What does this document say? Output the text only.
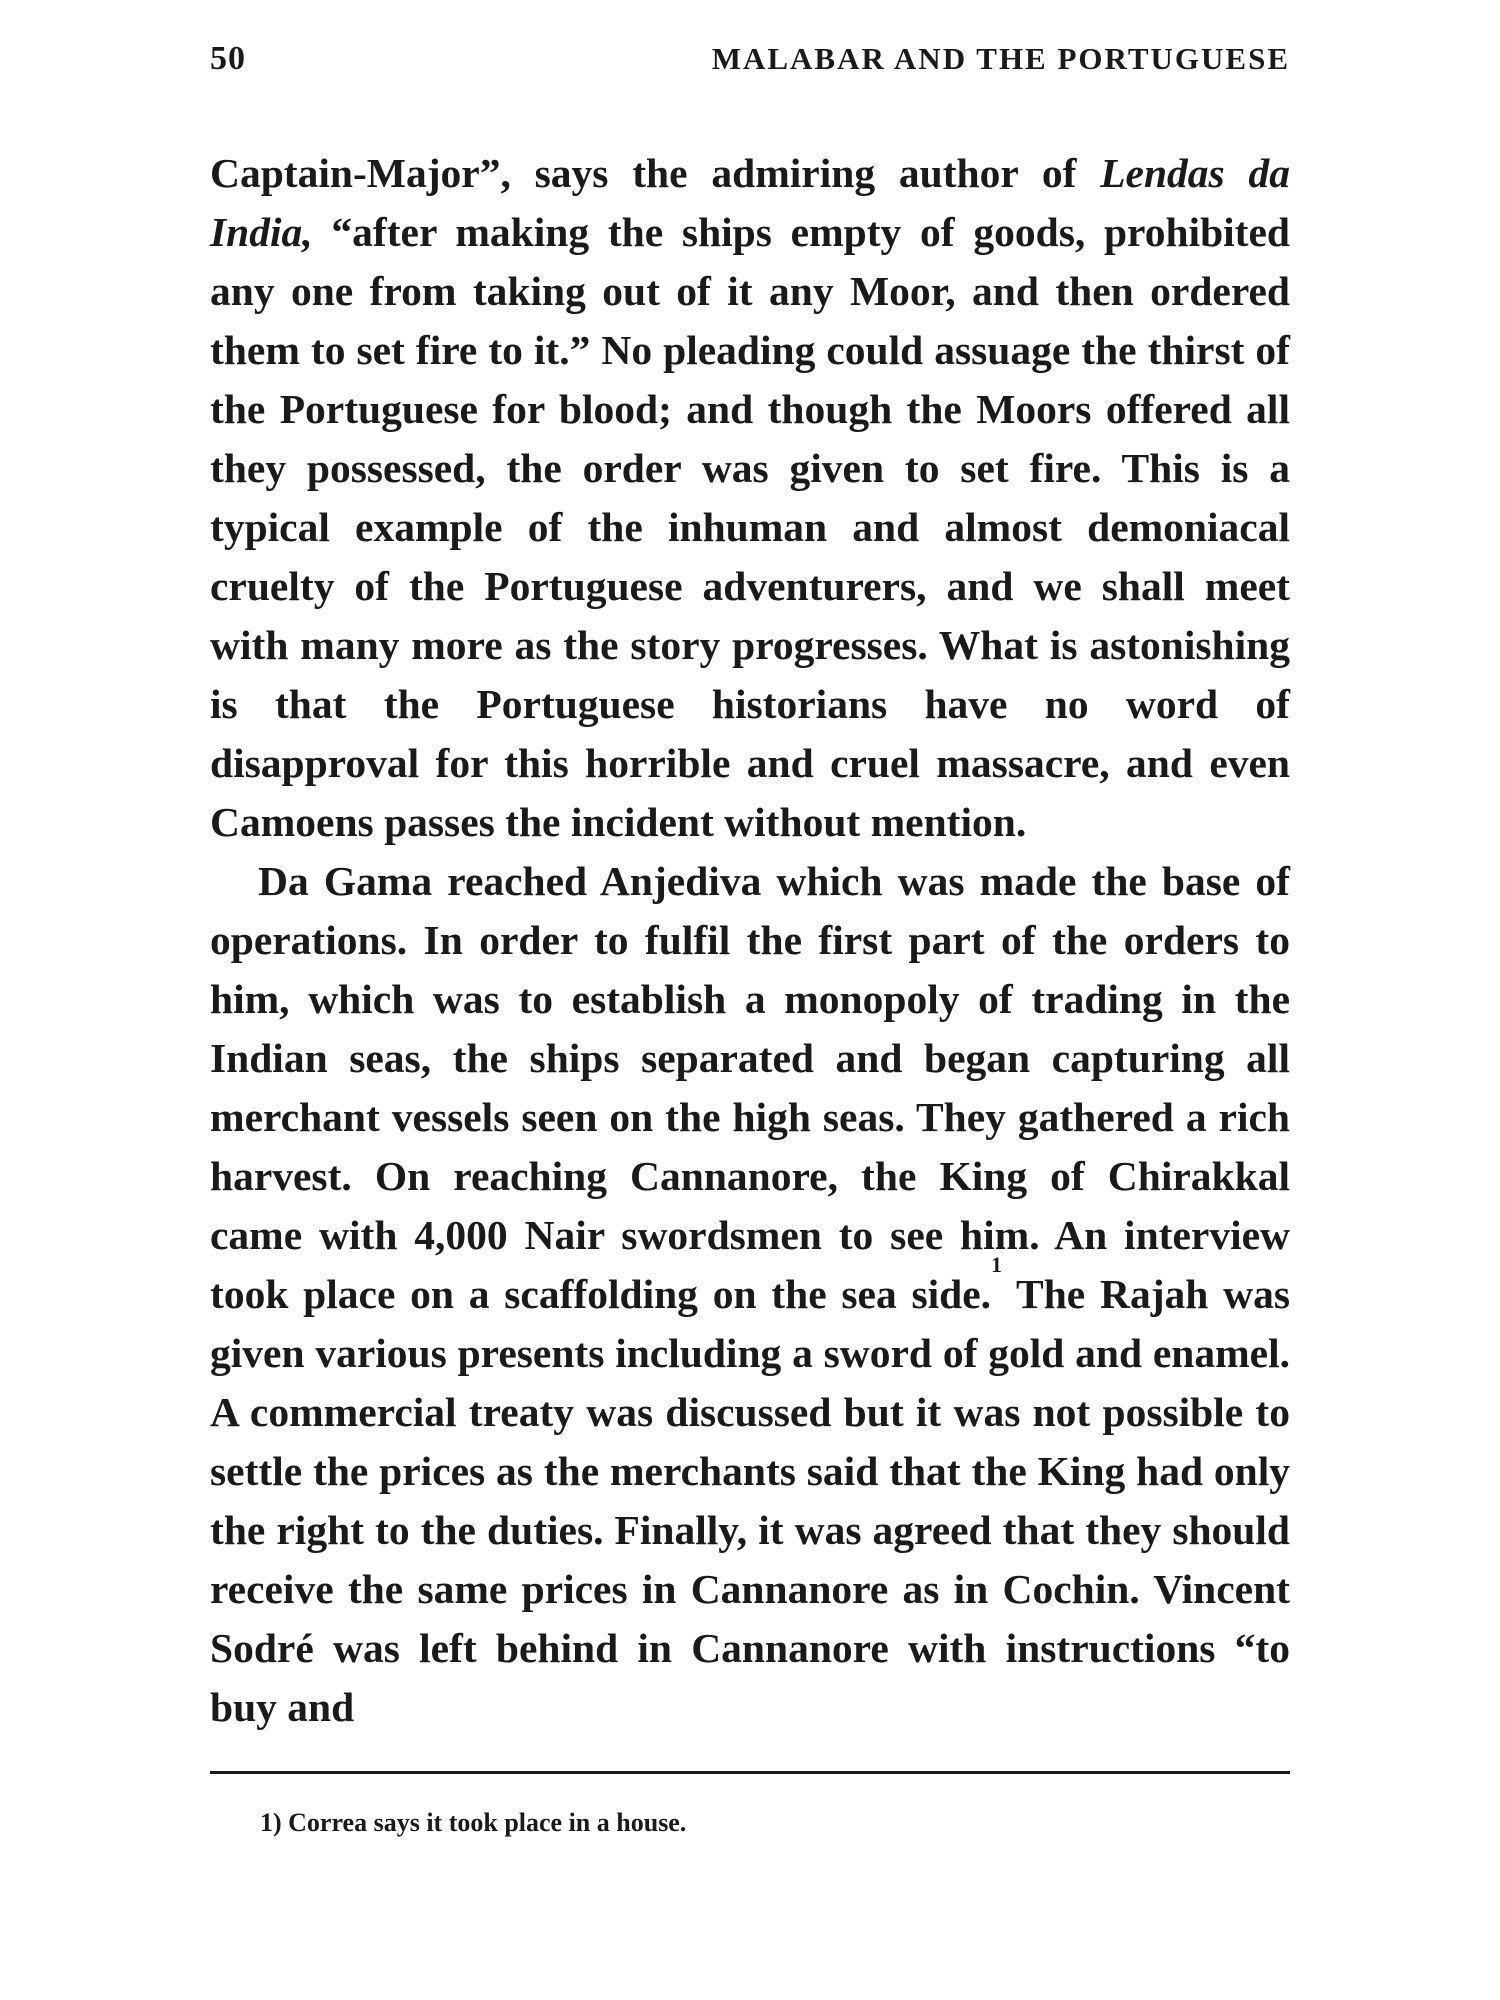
50	MALABAR AND THE PORTUGUESE

Captain-Major”, says the admiring author of Lendas da India, “after making the ships empty of goods, prohibited any one from taking out of it any Moor, and then ordered them to set fire to it.” No pleading could assuage the thirst of the Portuguese for blood; and though the Moors offered all they possessed, the order was given to set fire. This is a typical example of the inhuman and almost demoniacal cruelty of the Portuguese adventurers, and we shall meet with many more as the story progresses. What is astonishing is that the Portuguese historians have no word of disapproval for this horrible and cruel massacre, and even Camoens passes the incident without mention.

Da Gama reached Anjediva which was made the base of operations. In order to fulfil the first part of the orders to him, which was to establish a monopoly of trading in the Indian seas, the ships separated and began capturing all merchant vessels seen on the high seas. They gathered a rich harvest. On reaching Cannanore, the King of Chirakkal came with 4,000 Nair swordsmen to see him. An interview took place on a scaffolding on the sea side.$^1$ The Rajah was given various presents including a sword of gold and enamel. A commercial treaty was discussed but it was not possible to settle the prices as the merchants said that the King had only the right to the duties. Finally, it was agreed that they should receive the same prices in Cannanore as in Cochin. Vincent Sodré was left behind in Cannanore with instructions “to buy and

1) Correa says it took place in a house.
